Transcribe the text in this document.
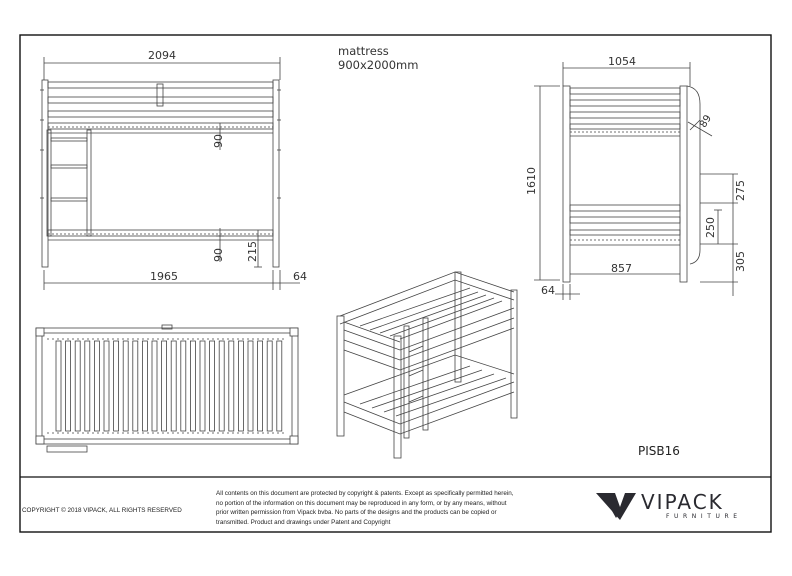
2094
1965	64
90
90 215
mattress
900x2000mm	1054
1610
89
275
250
305
857
64
PISB16
COPYRIGHT © 2018 VIPACK, ALL RIGHTS RESERVED
All contents on this document are protected by copyright & patents. Except as specifically permitted herein,
no portion of the information on this document may be reproduced in any form, or by any means, without
prior written permission from Vipack bvba. No parts of the designs and the products can be copied or
transmitted. Product and drawings under Patent and Copyright
VIPACK
FURNITURE
